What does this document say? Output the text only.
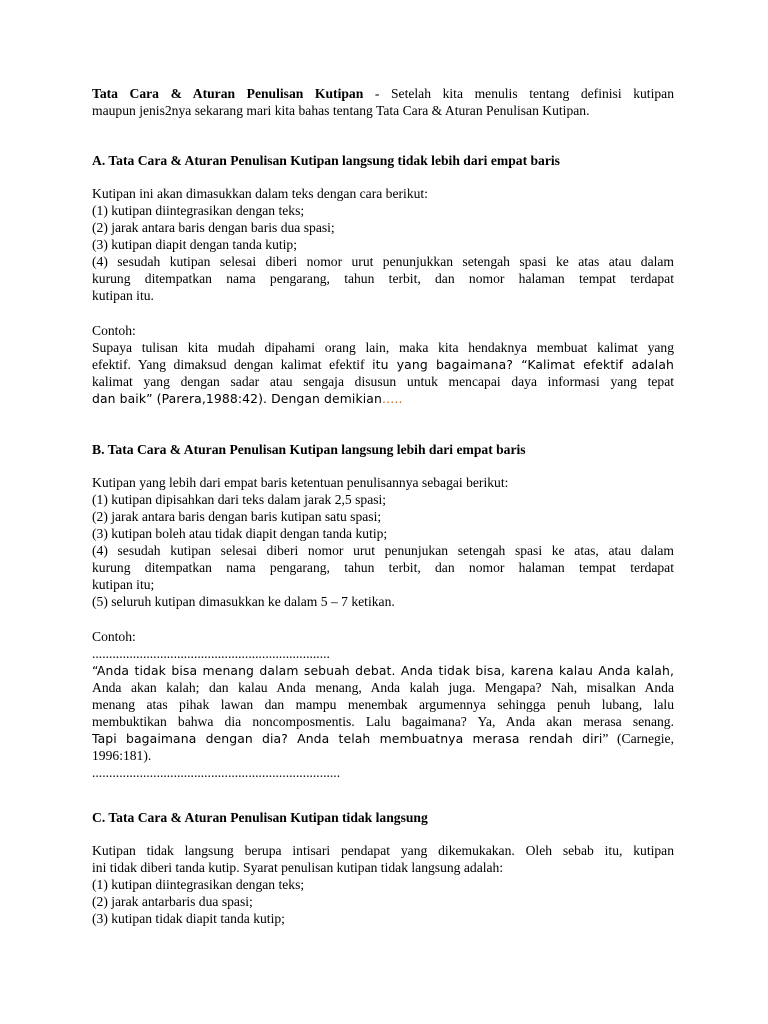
Tata Cara & Aturan Penulisan Kutipan - Setelah kita menulis tentang definisi kutipan
maupun jenis2nya sekarang mari kita bahas tentang Tata Cara & Aturan Penulisan Kutipan.
A. Tata Cara & Aturan Penulisan Kutipan langsung tidak lebih dari empat baris
Kutipan ini akan dimasukkan dalam teks dengan cara berikut:
(1) kutipan diintegrasikan dengan teks;
(2) jarak antara baris dengan baris dua spasi;
(3) kutipan diapit dengan tanda kutip;
(4) sesudah kutipan selesai diberi nomor urut penunjukkan setengah spasi ke atas atau dalam
kurung ditempatkan nama pengarang, tahun terbit, dan nomor halaman tempat terdapat
kutipan itu.
Contoh:
Supaya tulisan kita mudah dipahami orang lain, maka kita hendaknya membuat kalimat yang
efektif. Yang dimaksud dengan kalimat efektif itu yang bagaimana? “Kalimat efektif adalah
kalimat yang dengan sadar atau sengaja disusun untuk mencapai daya informasi yang tepat
dan baik” (Parera,1988:42). Dengan demikian…..
B. Tata Cara & Aturan Penulisan Kutipan langsung lebih dari empat baris
Kutipan yang lebih dari empat baris ketentuan penulisannya sebagai berikut:
(1) kutipan dipisahkan dari teks dalam jarak 2,5 spasi;
(2) jarak antara baris dengan baris kutipan satu spasi;
(3) kutipan boleh atau tidak diapit dengan tanda kutip;
(4) sesudah kutipan selesai diberi nomor urut penunjukan setengah spasi ke atas, atau dalam
kurung ditempatkan nama pengarang, tahun terbit, dan nomor halaman tempat terdapat
kutipan itu;
(5) seluruh kutipan dimasukkan ke dalam 5 – 7 ketikan.
Contoh:
......................................................................
“Anda tidak bisa menang dalam sebuah debat. Anda tidak bisa, karena kalau Anda kalah,
Anda akan kalah; dan kalau Anda menang, Anda kalah juga. Mengapa? Nah, misalkan Anda
menang atas pihak lawan dan mampu menembak argumennya sehingga penuh lubang, lalu
membuktikan bahwa dia noncomposmentis. Lalu bagaimana? Ya, Anda akan merasa senang.
Tapi bagaimana dengan dia? Anda telah membuatnya merasa rendah diri” (Carnegie,
1996:181).
.........................................................................
C. Tata Cara & Aturan Penulisan Kutipan tidak langsung
Kutipan tidak langsung berupa intisari pendapat yang dikemukakan. Oleh sebab itu, kutipan
ini tidak diberi tanda kutip. Syarat penulisan kutipan tidak langsung adalah:
(1) kutipan diintegrasikan dengan teks;
(2) jarak antarbaris dua spasi;
(3) kutipan tidak diapit tanda kutip;
